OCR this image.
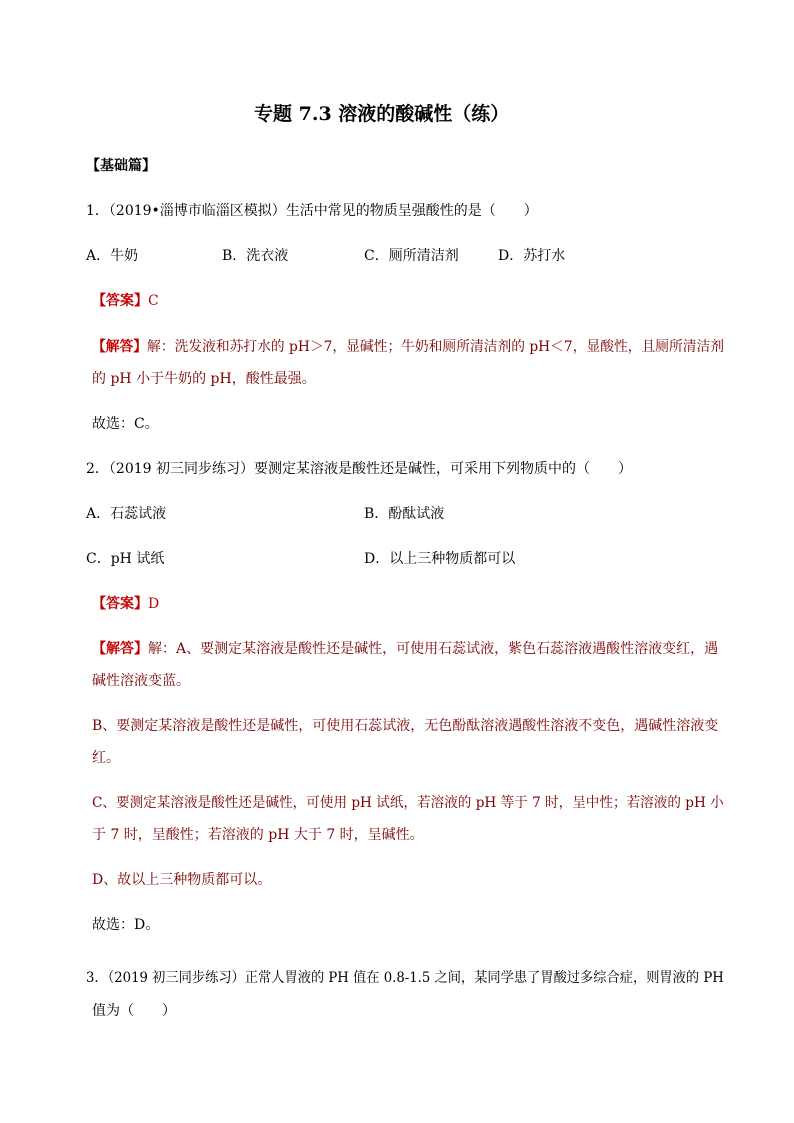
专题 7.3 溶液的酸碱性（练）
【基础篇】
1．（2019•淄博市临淄区模拟）生活中常见的物质呈强酸性的是（　　）
A．牛奶	B．洗衣液	C．厕所清洁剂	D．苏打水
【答案】C
【解答】解：洗发液和苏打水的 pH＞7，显碱性；牛奶和厕所清洁剂的 pH＜7，显酸性，且厕所清洁剂
的 pH 小于牛奶的 pH，酸性最强。
故选：C。
2．（2019 初三同步练习）要测定某溶液是酸性还是碱性，可采用下列物质中的（　　）
A．石蕊试液	B．酚酞试液
C．pH 试纸	D．以上三种物质都可以
【答案】D
【解答】解：A、要测定某溶液是酸性还是碱性，可使用石蕊试液，紫色石蕊溶液遇酸性溶液变红，遇
碱性溶液变蓝。
B、要测定某溶液是酸性还是碱性，可使用石蕊试液，无色酚酞溶液遇酸性溶液不变色，遇碱性溶液变
红。
C、要测定某溶液是酸性还是碱性，可使用 pH 试纸，若溶液的 pH 等于 7 时，呈中性；若溶液的 pH 小
于 7 时，呈酸性；若溶液的 pH 大于 7 时，呈碱性。
D、故以上三种物质都可以。
故选：D。
3．（2019 初三同步练习）正常人胃液的 PH 值在 0.8-1.5 之间，某同学患了胃酸过多综合症，则胃液的 PH
值为（　　）
